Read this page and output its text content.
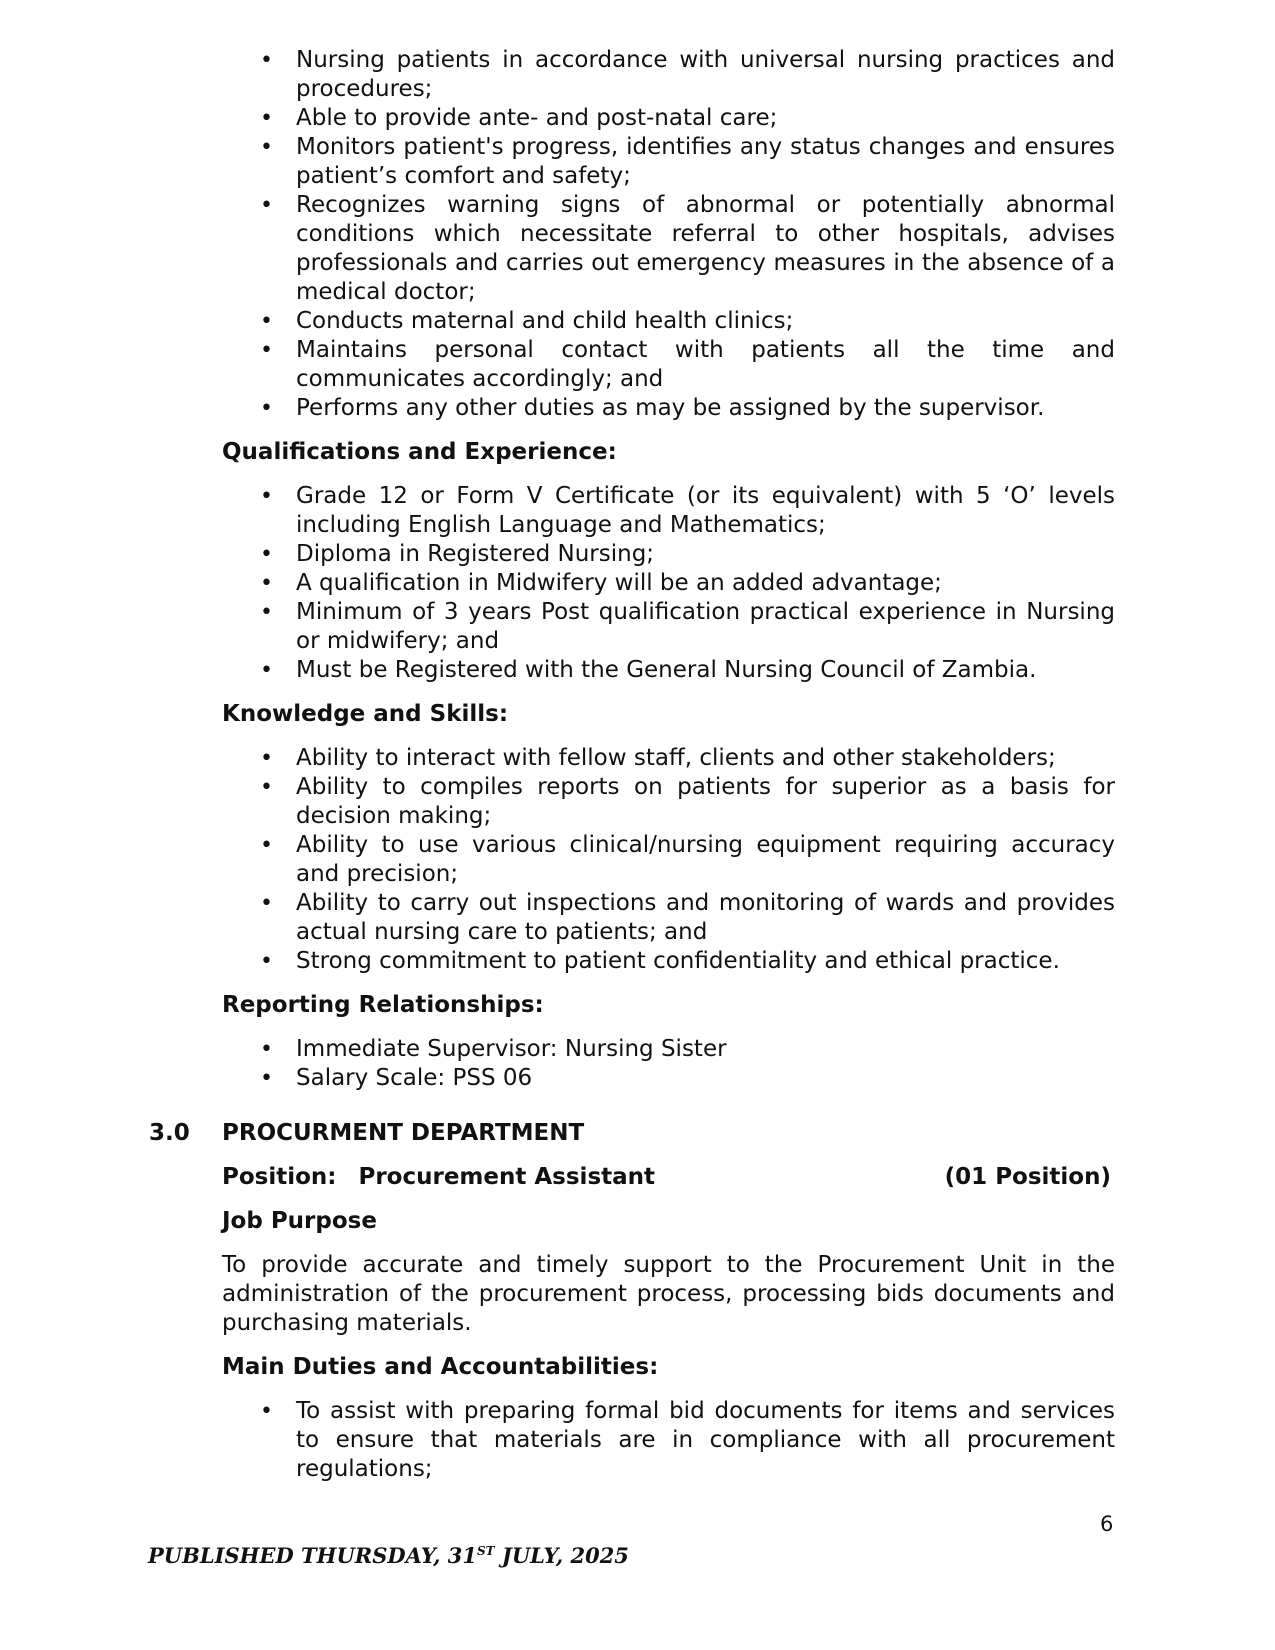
• Nursing patients in accordance with universal nursing practices and procedures;
• Able to provide ante- and post-natal care;
• Monitors patient's progress, identifies any status changes and ensures patient’s comfort and safety;
• Recognizes warning signs of abnormal or potentially abnormal conditions which necessitate referral to other hospitals, advises professionals and carries out emergency measures in the absence of a medical doctor;
• Conducts maternal and child health clinics;
• Maintains personal contact with patients all the time and communicates accordingly; and
• Performs any other duties as may be assigned by the supervisor.
Qualifications and Experience:
• Grade 12 or Form V Certificate (or its equivalent) with 5 ‘O’ levels including English Language and Mathematics;
• Diploma in Registered Nursing;
• A qualification in Midwifery will be an added advantage;
• Minimum of 3 years Post qualification practical experience in Nursing or midwifery; and
• Must be Registered with the General Nursing Council of Zambia.
Knowledge and Skills:
• Ability to interact with fellow staff, clients and other stakeholders;
• Ability to compiles reports on patients for superior as a basis for decision making;
• Ability to use various clinical/nursing equipment requiring accuracy and precision;
• Ability to carry out inspections and monitoring of wards and provides actual nursing care to patients; and
• Strong commitment to patient confidentiality and ethical practice.
Reporting Relationships:
• Immediate Supervisor: Nursing Sister
• Salary Scale: PSS 06
3.0 PROCURMENT DEPARTMENT
Position: Procurement Assistant	(01 Position)
Job Purpose

To provide accurate and timely support to the Procurement Unit in the administration of the procurement process, processing bids documents and purchasing materials.

Main Duties and Accountabilities:
• To assist with preparing formal bid documents for items and services to ensure that materials are in compliance with all procurement regulations;
6
PUBLISHED THURSDAY, 31ST JULY, 2025
